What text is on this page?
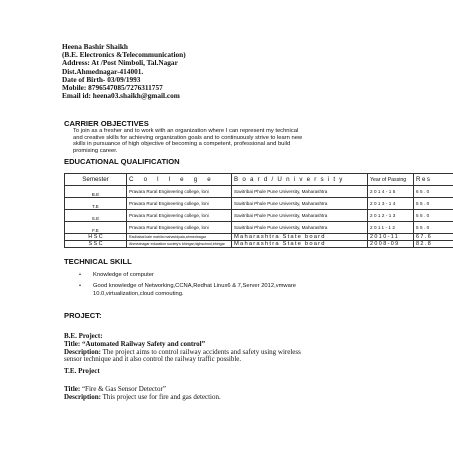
Heena Bashir Shaikh
(B.E. Electronics &Telecommunication)
Address: At /Post Nimboli, Tal.Nagar
Dist.Ahmednagar-414001.
Date of Birth- 03/09/1993
Mobile: 8796547085/7276311757
Email id: heena03.shaikh@gmail.com
CARRIER OBJECTIVES
To join as a fresher and to work with an organization where I can represent my technical
and creative skills for achieving organization goals and to continuously strive to learn new
skills in pursuance of high objective of becoming a competent, professional and build
promising career.
EDUCATIONAL QUALIFICATION
Semester	C o l l e g e	Board/University	Year of Passing	Res
B.E	Pravara Rural Engineering college, loni	Savitribai Phule Pune University, Maharashtra	2014-15	65.0
T.E	Pravara Rural Engineering college, loni	Savitribai Phule Pune University, Maharashtra	2013-14	55.0
S.E	Pravara Rural Engineering college, loni	Savitribai Phule Pune University, Maharashtra	2012-13	55.0
F.E	Pravara Rural Engineering college, loni	Savitribai Phule Pune University, Maharashtra	2011-12	55.0
H S C	Radhabai kale mahila mahavidyala,ahmednagar	Maharashtra State board	2010-11	67.6
S S C	Ahmednagar education society's bhingar,highschool,bhingar	Maharashtra State board	2008-09	82.8
TECHNICAL SKILL
• Knowledge of computer
• Good knowledge of Networking,CCNA,Redhat Linux6 & 7,Server 2012,vmware
10.0,virtualization,cloud comouting.
PROJECT:
B.E. Project:
Title: “Automated Railway Safety and control”
Description: The project aims to control railway accidents and safety using wireless
sensor technique and it also control the railway traffic possible.
T.E. Project
Title: “Fire & Gas Sensor Detector”
Description: This project use for fire and gas detection.
